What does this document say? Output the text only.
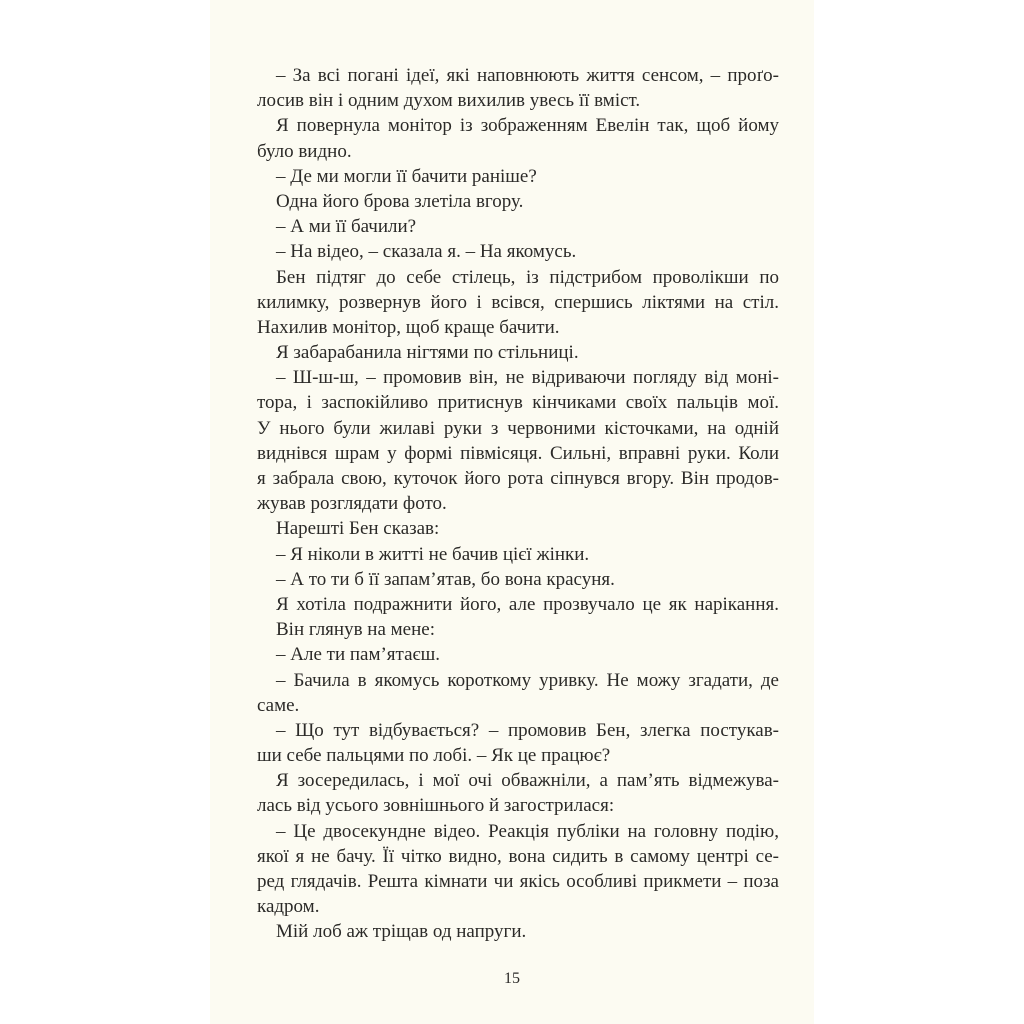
– За всі погані ідеї, які наповнюють життя сенсом, – проґо-
лосив він і одним духом вихилив увесь її вміст.
Я повернула монітор із зображенням Евелін так, щоб йому
було видно.
– Де ми могли її бачити раніше?
Одна його брова злетіла вгору.
– А ми її бачили?
– На відео, – сказала я. – На якомусь.
Бен підтяг до себе стілець, із підстрибом проволікши по
килимку, розвернув його і всівся, спершись ліктями на стіл.
Нахилив монітор, щоб краще бачити.
Я забарабанила нігтями по стільниці.
– Ш-ш-ш, – промовив він, не відриваючи погляду від моні-
тора, і заспокійливо притиснув кінчиками своїх пальців мої.
У нього були жилаві руки з червоними кісточками, на одній
виднівся шрам у формі півмісяця. Сильні, вправні руки. Коли
я забрала свою, куточок його рота сіпнувся вгору. Він продов-
жував розглядати фото.
Нарешті Бен сказав:
– Я ніколи в житті не бачив цієї жінки.
– А то ти б її запам’ятав, бо вона красуня.
Я хотіла подражнити його, але прозвучало це як нарікання.
Він глянув на мене:
– Але ти пам’ятаєш.
– Бачила в якомусь короткому уривку. Не можу згадати, де
саме.
– Що тут відбувається? – промовив Бен, злегка постукав-
ши себе пальцями по лобі. – Як це працює?
Я зосередилась, і мої очі обважніли, а пам’ять відмежува-
лась від усього зовнішнього й загострилася:
– Це двосекундне відео. Реакція публіки на головну подію,
якої я не бачу. Її чітко видно, вона сидить в самому центрі се-
ред глядачів. Решта кімнати чи якісь особливі прикмети – поза
кадром.
Мій лоб аж тріщав од напруги.
15
